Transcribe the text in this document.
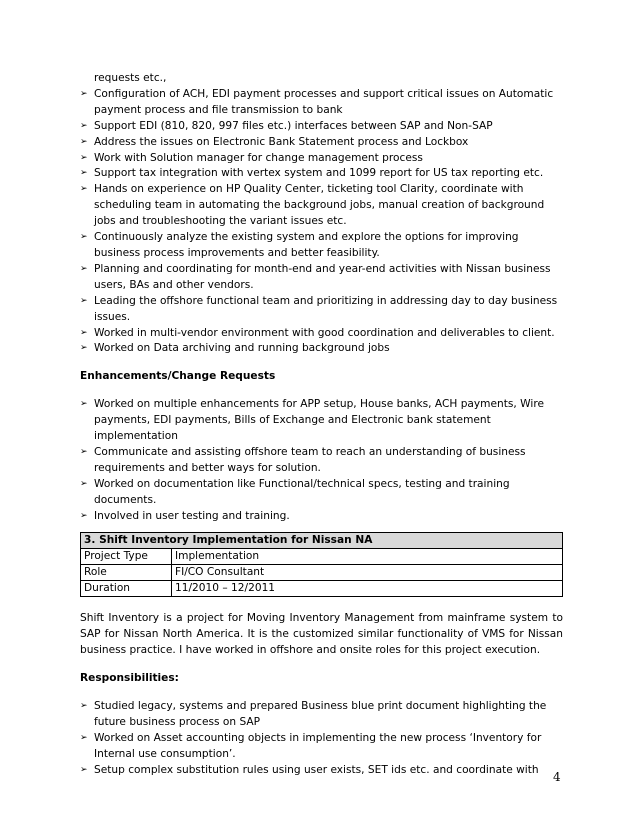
requests etc.,
➢ Configuration of ACH, EDI payment processes and support critical issues on Automatic payment process and file transmission to bank
➢ Support EDI (810, 820, 997 files etc.) interfaces between SAP and Non-SAP
➢ Address the issues on Electronic Bank Statement process and Lockbox
➢ Work with Solution manager for change management process
➢ Support tax integration with vertex system and 1099 report for US tax reporting etc.
➢ Hands on experience on HP Quality Center, ticketing tool Clarity, coordinate with scheduling team in automating the background jobs, manual creation of background jobs and troubleshooting the variant issues etc.
➢ Continuously analyze the existing system and explore the options for improving business process improvements and better feasibility.
➢ Planning and coordinating for month-end and year-end activities with Nissan business users, BAs and other vendors.
➢ Leading the offshore functional team and prioritizing in addressing day to day business issues.
➢ Worked in multi-vendor environment with good coordination and deliverables to client.
➢ Worked on Data archiving and running background jobs
Enhancements/Change Requests
➢ Worked on multiple enhancements for APP setup, House banks, ACH payments, Wire payments, EDI payments, Bills of Exchange and Electronic bank statement implementation
➢ Communicate and assisting offshore team to reach an understanding of business requirements and better ways for solution.
➢ Worked on documentation like Functional/technical specs, testing and training documents.
➢ Involved in user testing and training.
3. Shift Inventory Implementation for Nissan NA	
Project Type	Implementation
Role	FI/CO Consultant
Duration	11/2010 – 12/2011
Shift Inventory is a project for Moving Inventory Management from mainframe system to SAP for Nissan North America. It is the customized similar functionality of VMS for Nissan business practice. I have worked in offshore and onsite roles for this project execution.
Responsibilities:
➢ Studied legacy, systems and prepared Business blue print document highlighting the future business process on SAP
➢ Worked on Asset accounting objects in implementing the new process ‘Inventory for Internal use consumption’.
➢ Setup complex substitution rules using user exists, SET ids etc. and coordinate with
4
